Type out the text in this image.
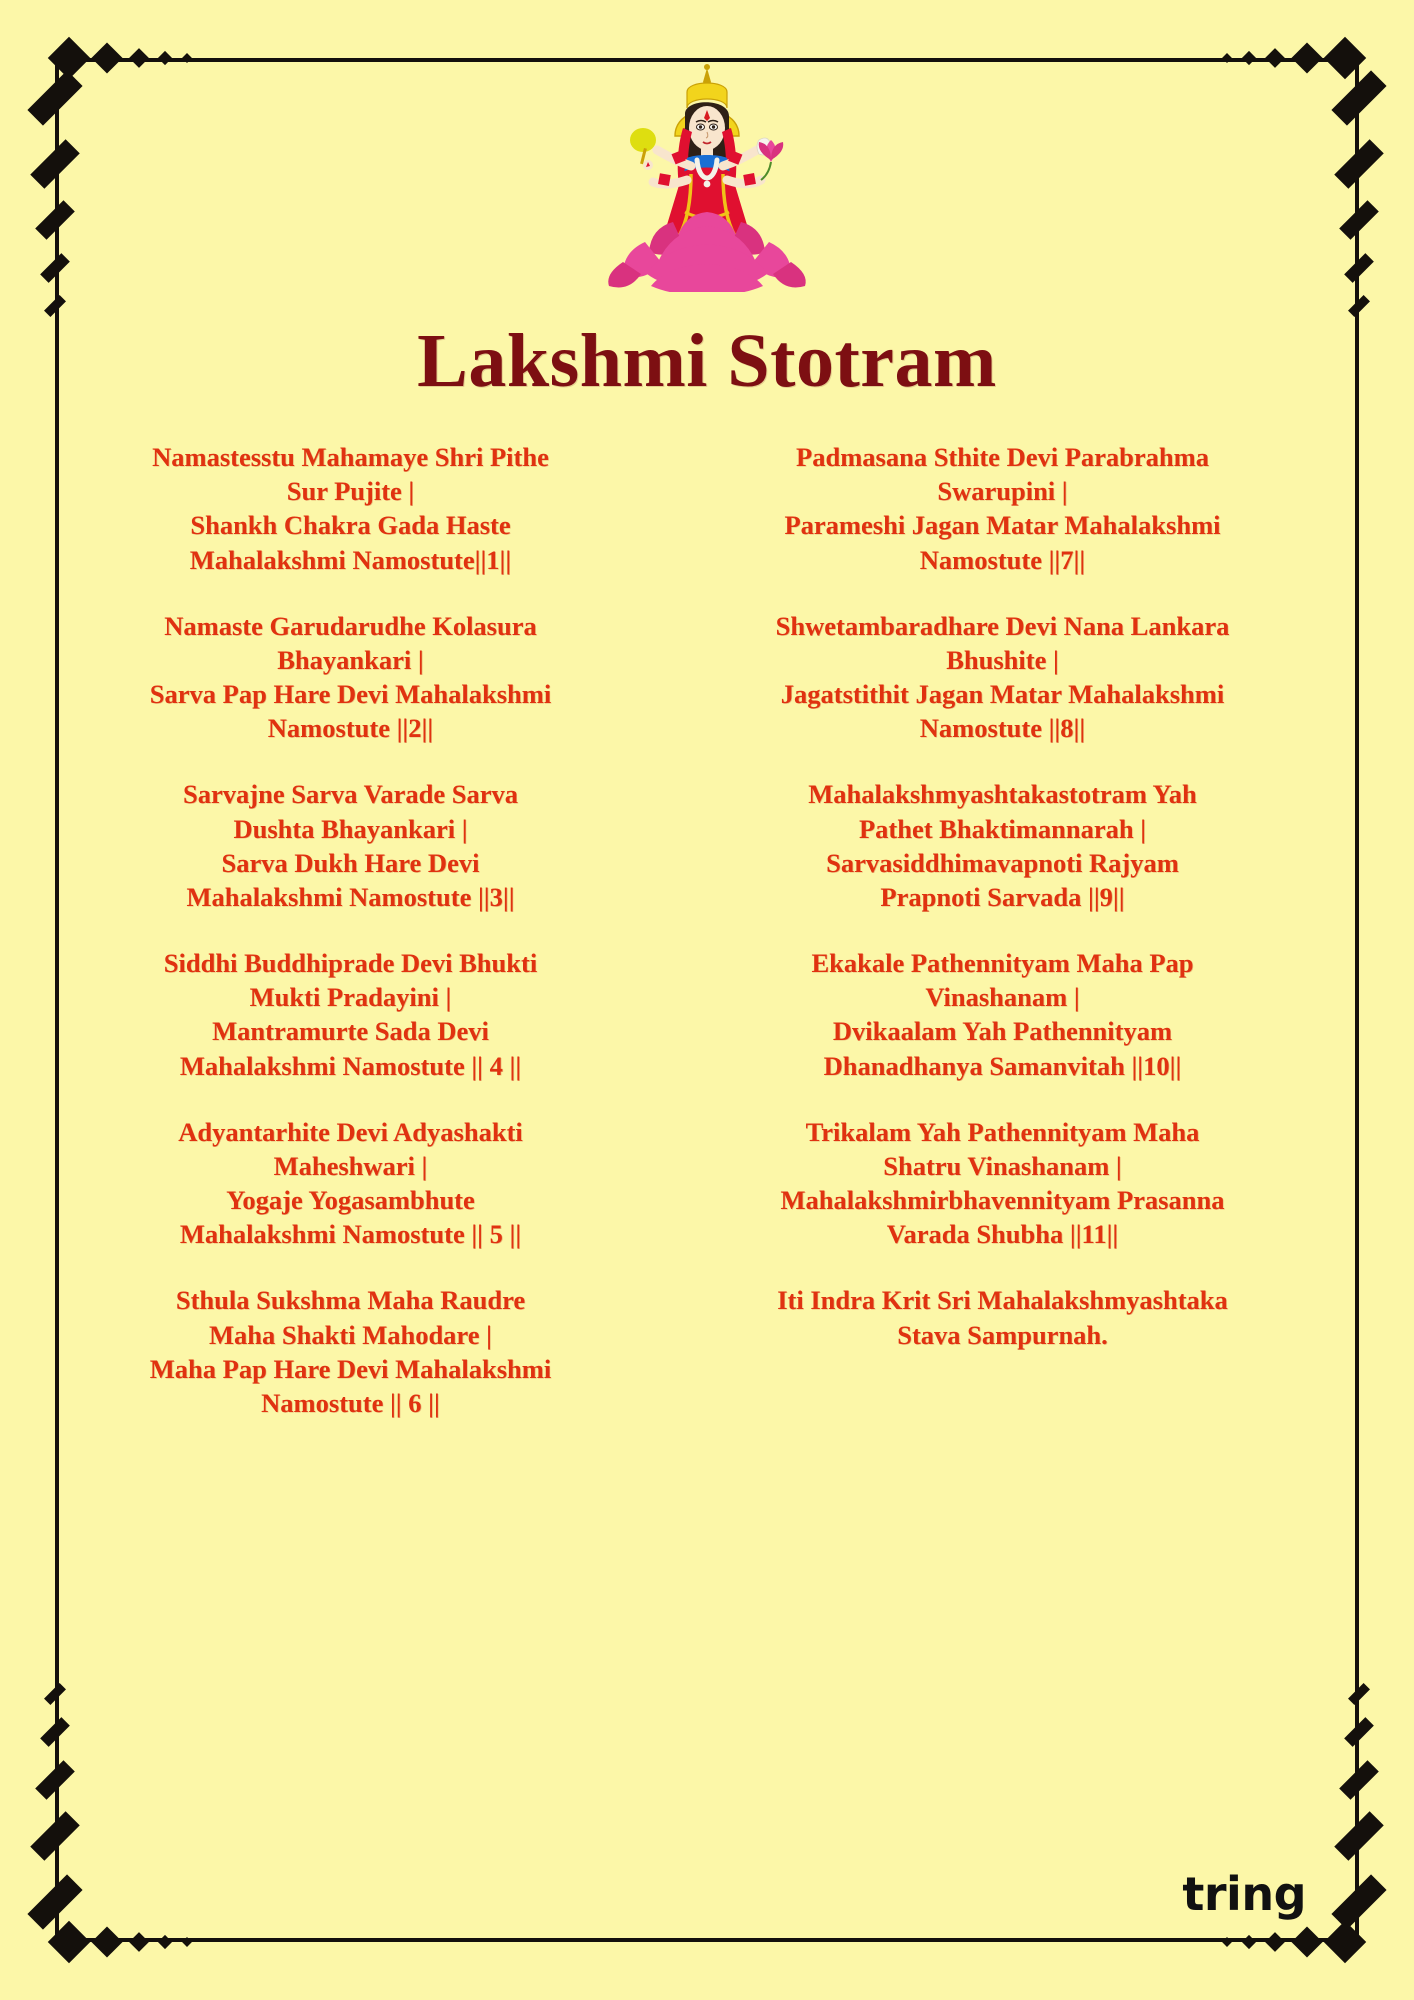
Lakshmi Stotram
Namastesstu Mahamaye Shri Pithe
Sur Pujite |
Shankh Chakra Gada Haste
Mahalakshmi Namostute||1||
Namaste Garudarudhe Kolasura
Bhayankari |
Sarva Pap Hare Devi Mahalakshmi
Namostute ||2||
Sarvajne Sarva Varade Sarva
Dushta Bhayankari |
Sarva Dukh Hare Devi
Mahalakshmi Namostute ||3||
Siddhi Buddhiprade Devi Bhukti
Mukti Pradayini |
Mantramurte Sada Devi
Mahalakshmi Namostute || 4 ||
Adyantarhite Devi Adyashakti
Maheshwari |
Yogaje Yogasambhute
Mahalakshmi Namostute || 5 ||
Sthula Sukshma Maha Raudre
Maha Shakti Mahodare |
Maha Pap Hare Devi Mahalakshmi
Namostute || 6 ||
Padmasana Sthite Devi Parabrahma
Swarupini |
Parameshi Jagan Matar Mahalakshmi
Namostute ||7||
Shwetambaradhare Devi Nana Lankara
Bhushite |
Jagatstithit Jagan Matar Mahalakshmi
Namostute ||8||
Mahalakshmyashtakastotram Yah
Pathet Bhaktimannarah |
Sarvasiddhimavapnoti Rajyam
Prapnoti Sarvada ||9||
Ekakale Pathennityam Maha Pap
Vinashanam |
Dvikaalam Yah Pathennityam
Dhanadhanya Samanvitah ||10||
Trikalam Yah Pathennityam Maha
Shatru Vinashanam |
Mahalakshmirbhavennityam Prasanna
Varada Shubha ||11||
Iti Indra Krit Sri Mahalakshmyashtaka
Stava Sampurnah.
tring
